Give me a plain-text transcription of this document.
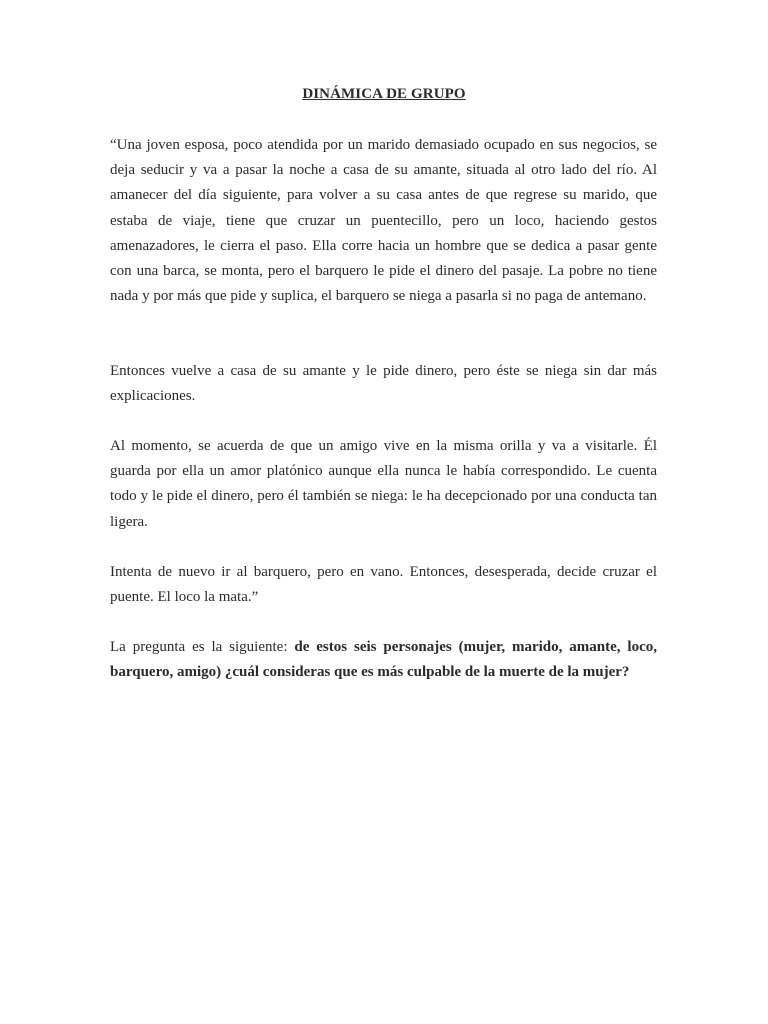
DINÁMICA DE GRUPO

“Una joven esposa, poco atendida por un marido demasiado ocupado en sus negocios, se deja seducir y va a pasar la noche a casa de su amante, situada al otro lado del río. Al amanecer del día siguiente, para volver a su casa antes de que regrese su marido, que estaba de viaje, tiene que cruzar un puentecillo, pero un loco, haciendo gestos amenazadores, le cierra el paso. Ella corre hacia un hombre que se dedica a pasar gente con una barca, se monta, pero el barquero le pide el dinero del pasaje. La pobre no tiene nada y por más que pide y suplica, el barquero se niega a pasarla si no paga de antemano.

Entonces vuelve a casa de su amante y le pide dinero, pero éste se niega sin dar más explicaciones.

Al momento, se acuerda de que un amigo vive en la misma orilla y va a visitarle. Él guarda por ella un amor platónico aunque ella nunca le había correspondido. Le cuenta todo y le pide el dinero, pero él también se niega: le ha decepcionado por una conducta tan ligera.

Intenta de nuevo ir al barquero, pero en vano. Entonces, desesperada, decide cruzar el puente. El loco la mata.”

La pregunta es la siguiente: de estos seis personajes (mujer, marido, amante, loco, barquero, amigo) ¿cuál consideras que es más culpable de la muerte de la mujer?
